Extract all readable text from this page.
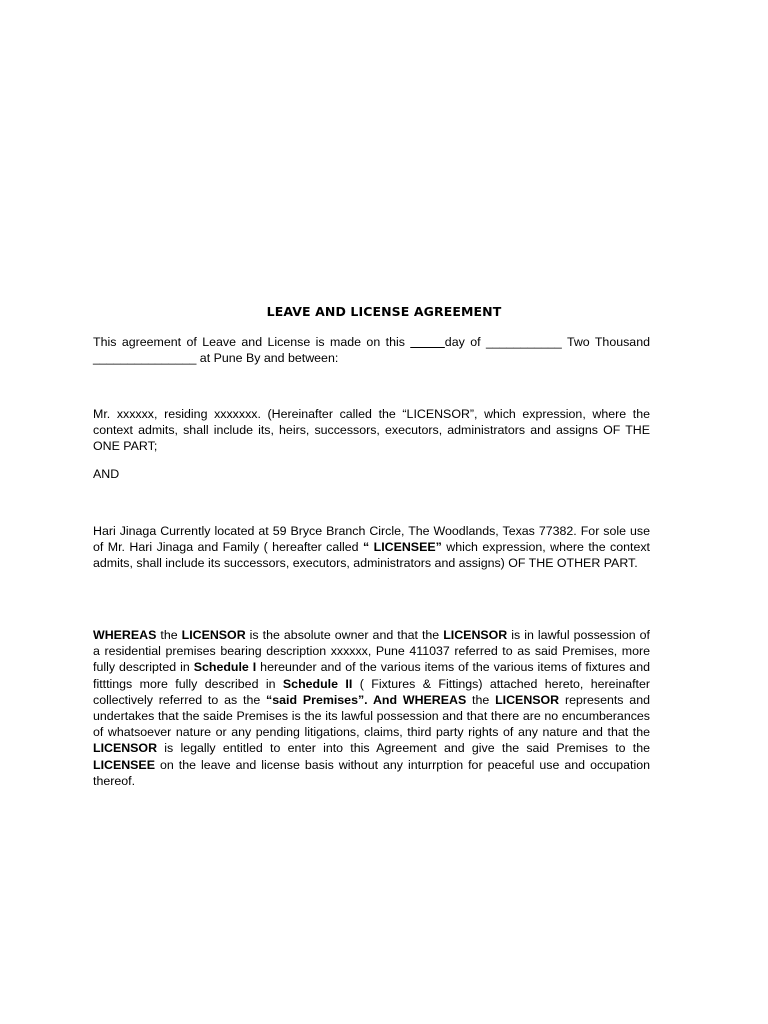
LEAVE AND LICENSE AGREEMENT
This agreement of Leave and License is made on this _____day of ___________ Two Thousand _______________ at Pune By and between:
Mr. xxxxxx, residing xxxxxxx. (Hereinafter called the “LICENSOR”, which expression, where the context admits, shall include its, heirs, successors, executors, administrators and assigns OF THE ONE PART;
AND
Hari Jinaga Currently located at 59 Bryce Branch Circle, The Woodlands, Texas 77382. For sole use of Mr. Hari Jinaga and Family ( hereafter called “ LICENSEE” which expression, where the context admits, shall include its successors, executors, administrators and assigns) OF THE OTHER PART.
WHEREAS the LICENSOR is the absolute owner and that the LICENSOR is in lawful possession of a residential premises bearing description xxxxxx, Pune 411037 referred to as said Premises, more fully descripted in Schedule I hereunder and of the various items of the various items of fixtures and fitttings more fully described in Schedule II ( Fixtures & Fittings) attached hereto, hereinafter collectively referred to as the “said Premises”. And WHEREAS the LICENSOR represents and undertakes that the saide Premises is the its lawful possession and that there are no encumberances of whatsoever nature or any pending litigations, claims, third party rights of any nature and that the LICENSOR is legally entitled to enter into this Agreement and give the said Premises to the LICENSEE on the leave and license basis without any inturrption for peaceful use and occupation thereof.
